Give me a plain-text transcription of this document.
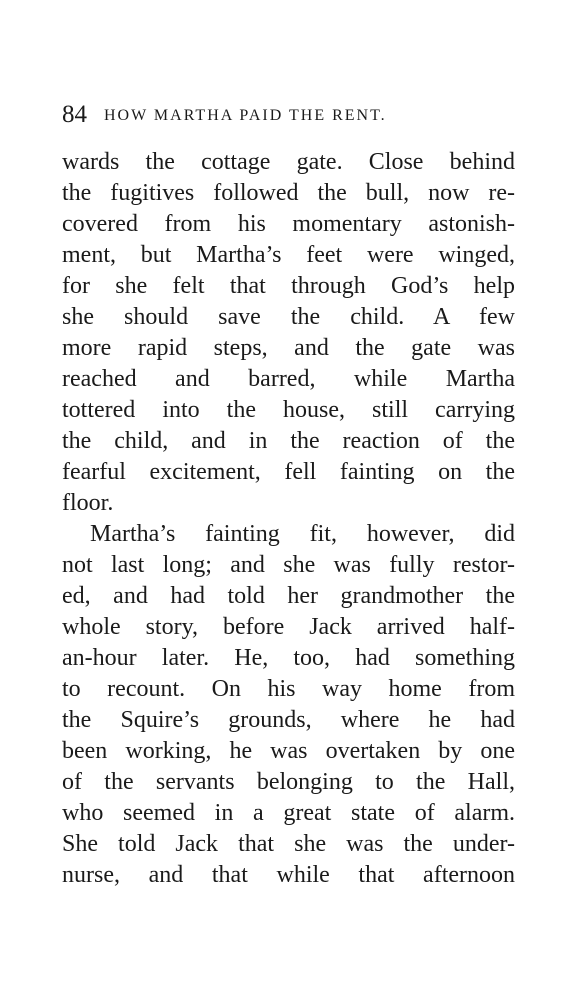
84 HOW MARTHA PAID THE RENT.
wards the cottage gate. Close behind
the fugitives followed the bull, now re-
covered from his momentary astonish-
ment, but Martha’s feet were winged,
for she felt that through God’s help
she should save the child. A few
more rapid steps, and the gate was
reached and barred, while Martha
tottered into the house, still carrying
the child, and in the reaction of the
fearful excitement, fell fainting on the
floor.
Martha’s fainting fit, however, did
not last long; and she was fully restor-
ed, and had told her grandmother the
whole story, before Jack arrived half-
an-hour later. He, too, had something
to recount. On his way home from
the Squire’s grounds, where he had
been working, he was overtaken by one
of the servants belonging to the Hall,
who seemed in a great state of alarm.
She told Jack that she was the under-
nurse, and that while that afternoon
